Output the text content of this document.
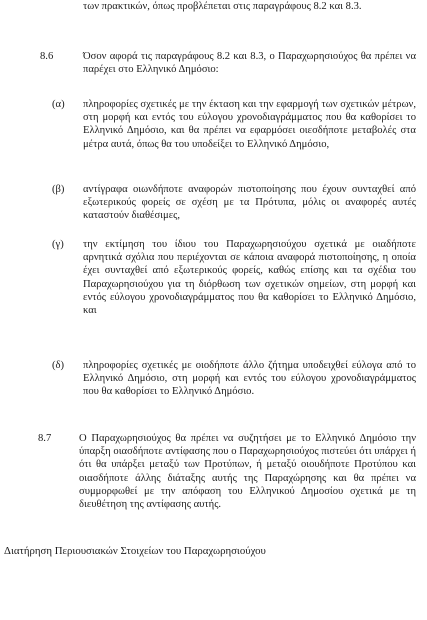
των πρακτικών, όπως προβλέπεται στις παραγράφους 8.2 και 8.3.
8.6	Όσον αφορά τις παραγράφους 8.2 και 8.3, ο Παραχωρησιούχος θα πρέπει να παρέχει στο Ελληνικό Δημόσιο:
(α) πληροφορίες σχετικές με την έκταση και την εφαρμογή των σχετικών μέτρων, στη μορφή και εντός του εύλογου χρονοδιαγράμματος που θα καθορίσει το Ελληνικό Δημόσιο, και θα πρέπει να εφαρμόσει οιεσδήποτε μεταβολές στα μέτρα αυτά, όπως θα του υποδείξει το Ελληνικό Δημόσιο,
(β) αντίγραφα οιωνδήποτε αναφορών πιστοποίησης που έχουν συνταχθεί από εξωτερικούς φορείς σε σχέση με τα Πρότυπα, μόλις οι αναφορές αυτές καταστούν διαθέσιμες,
(γ) την εκτίμηση του ίδιου του Παραχωρησιούχου σχετικά με οιαδήποτε αρνητικά σχόλια που περιέχονται σε κάποια αναφορά πιστοποίησης, η οποία έχει συνταχθεί από εξωτερικούς φορείς, καθώς επίσης και τα σχέδια του Παραχωρησιούχου για τη διόρθωση των σχετικών σημείων, στη μορφή και εντός εύλογου χρονοδιαγράμματος που θα καθορίσει το Ελληνικό Δημόσιο, και
(δ) πληροφορίες σχετικές με οιοδήποτε άλλο ζήτημα υποδειχθεί εύλογα από το Ελληνικό Δημόσιο, στη μορφή και εντός του εύλογου χρονοδιαγράμματος που θα καθορίσει το Ελληνικό Δημόσιο.
8.7	Ο Παραχωρησιούχος θα πρέπει να συζητήσει με το Ελληνικό Δημόσιο την ύπαρξη οιασδήποτε αντίφασης που ο Παραχωρησιούχος πιστεύει ότι υπάρχει ή ότι θα υπάρξει μεταξύ των Προτύπων, ή μεταξύ οιουδήποτε Προτύπου και οιασδήποτε άλλης διάταξης αυτής της Παραχώρησης και θα πρέπει να συμμορφωθεί με την απόφαση του Ελληνικού Δημοσίου σχετικά με τη διευθέτηση της αντίφασης αυτής.
Διατήρηση Περιουσιακών Στοιχείων του Παραχωρησιούχου
